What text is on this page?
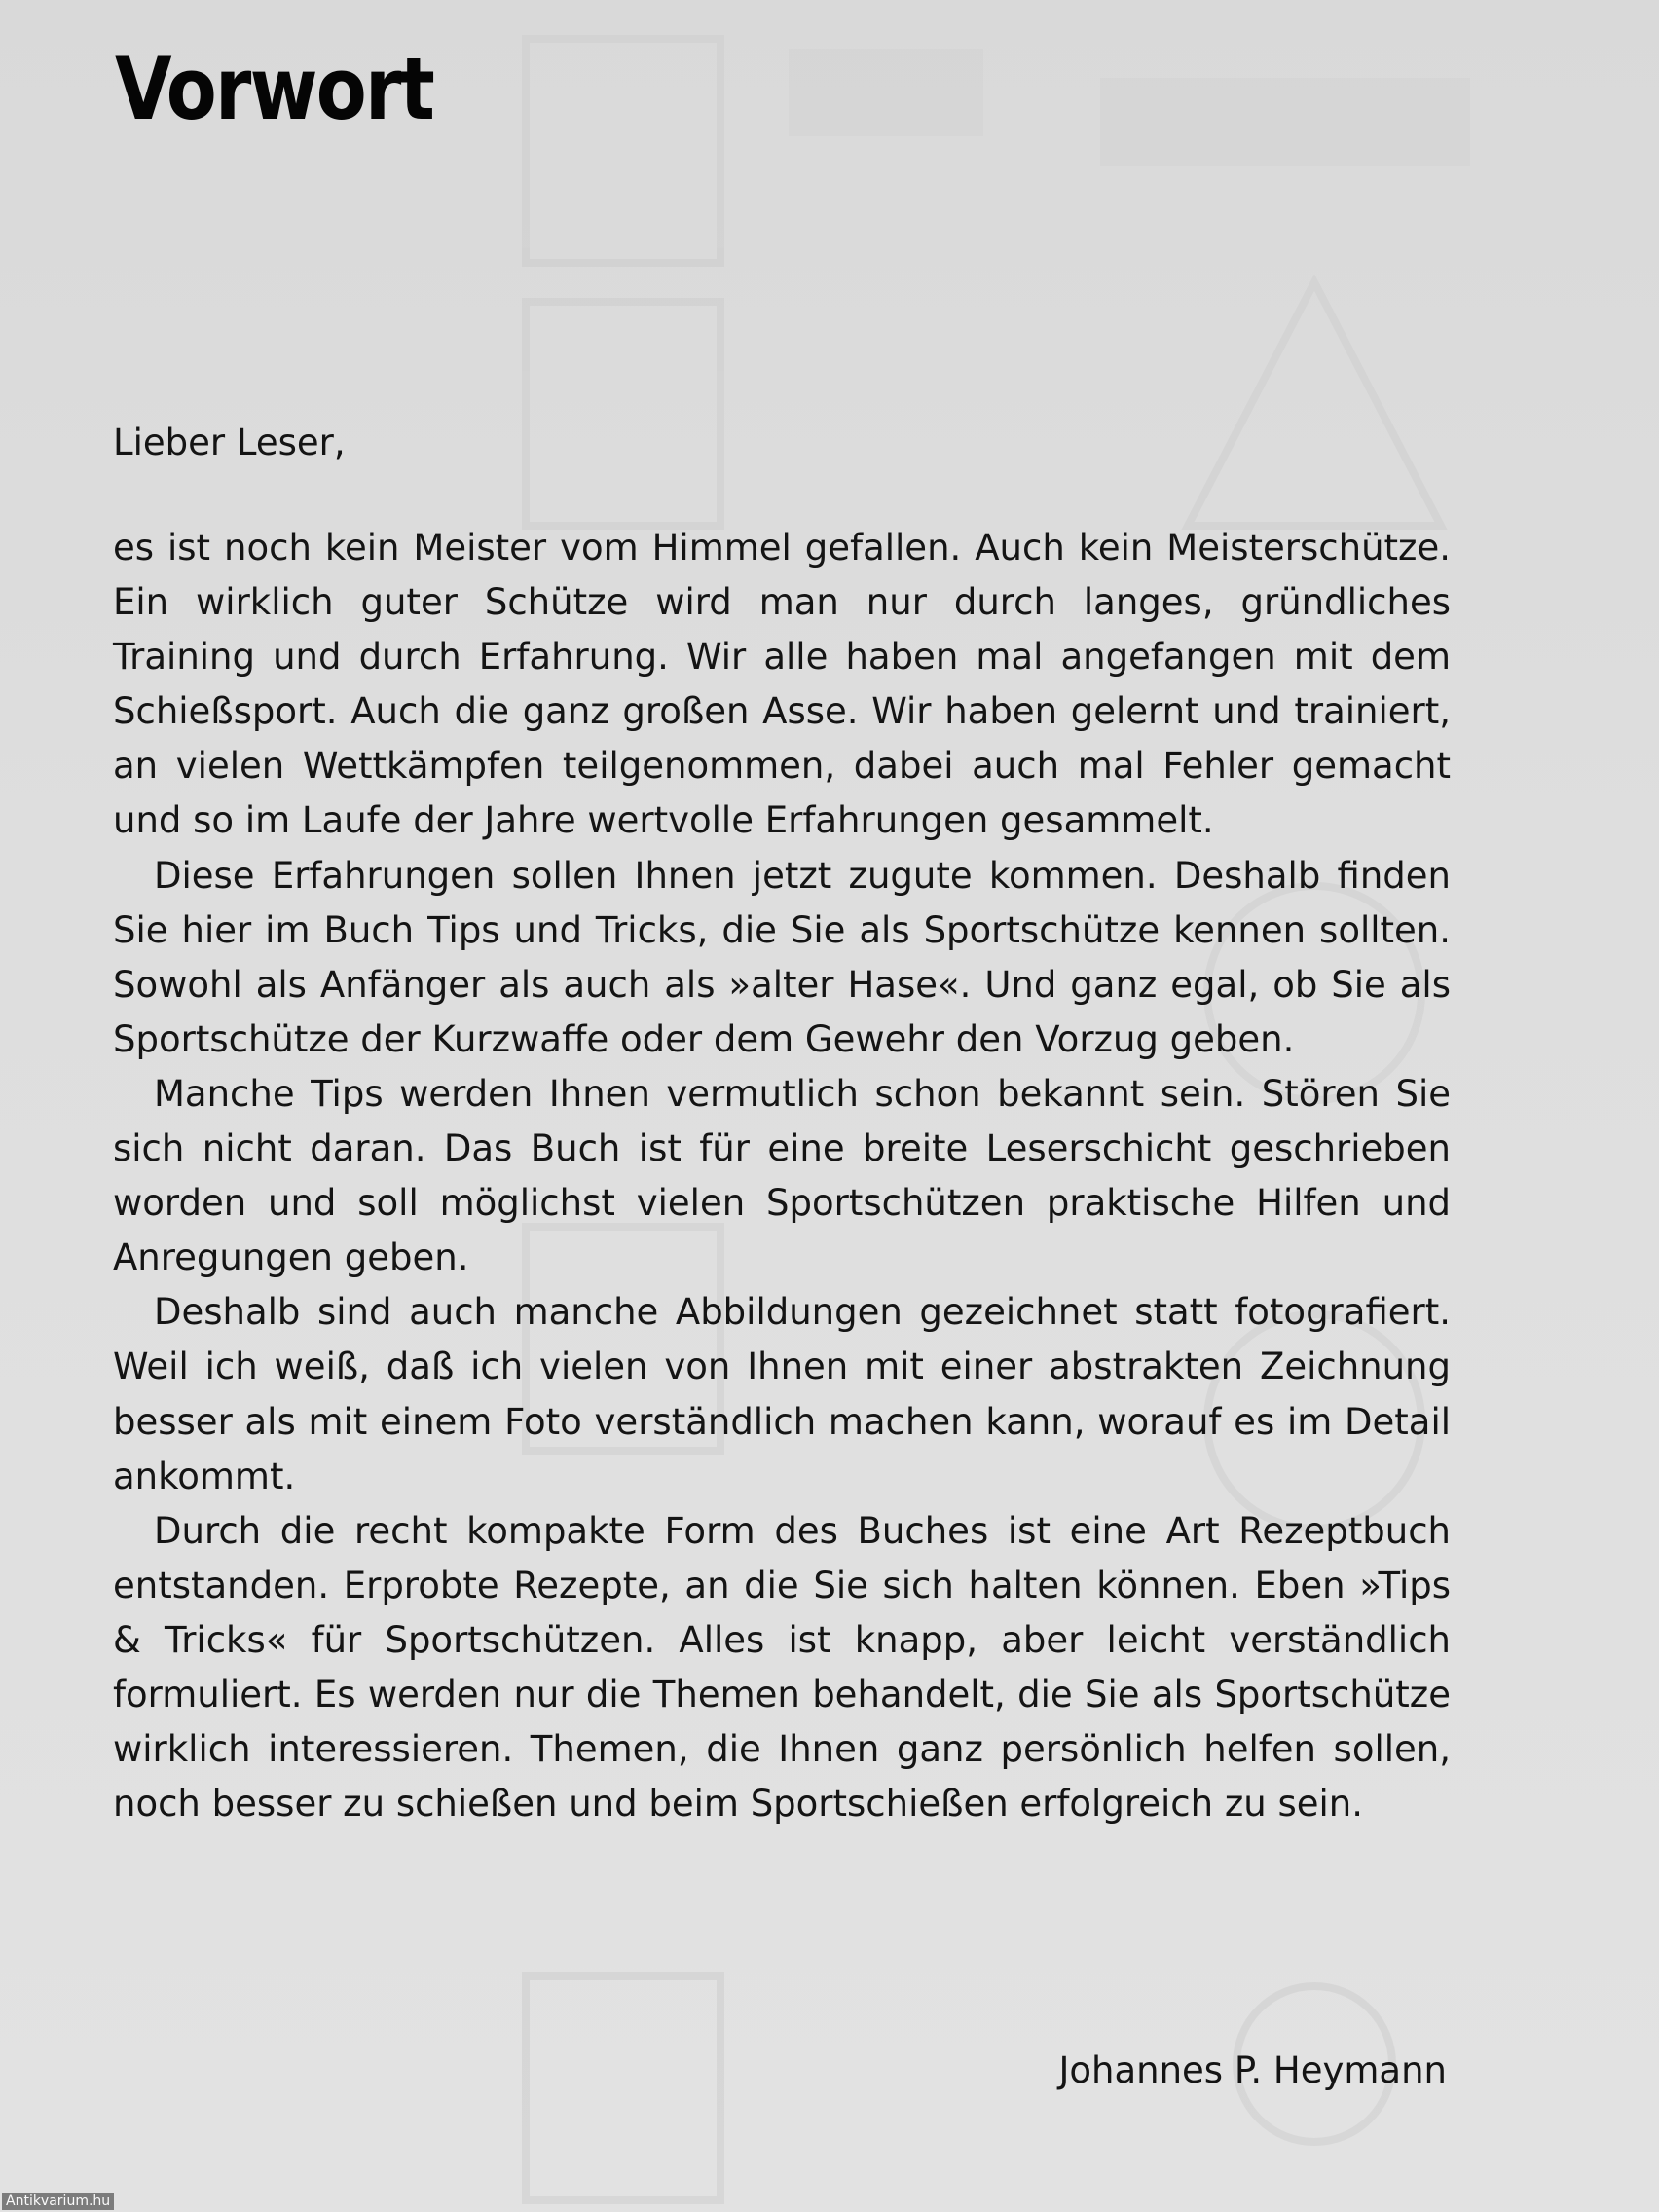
Vorwort

Lieber Leser,

es ist noch kein Meister vom Himmel gefallen. Auch kein Meisterschütze. Ein wirklich guter Schütze wird man nur durch langes, gründliches Training und durch Erfahrung. Wir alle haben mal angefangen mit dem Schießsport. Auch die ganz großen Asse. Wir haben gelernt und trainiert, an vielen Wettkämpfen teilgenommen, dabei auch mal Fehler gemacht und so im Laufe der Jahre wertvolle Erfahrungen gesammelt.

Diese Erfahrungen sollen Ihnen jetzt zugute kommen. Deshalb finden Sie hier im Buch Tips und Tricks, die Sie als Sportschütze kennen sollten. Sowohl als Anfänger als auch als »alter Hase«. Und ganz egal, ob Sie als Sportschütze der Kurzwaffe oder dem Gewehr den Vorzug geben.

Manche Tips werden Ihnen vermutlich schon bekannt sein. Stören Sie sich nicht daran. Das Buch ist für eine breite Leserschicht geschrieben worden und soll möglichst vielen Sportschützen praktische Hilfen und Anregungen geben.

Deshalb sind auch manche Abbildungen gezeichnet statt fotografiert. Weil ich weiß, daß ich vielen von Ihnen mit einer abstrakten Zeichnung besser als mit einem Foto verständlich machen kann, worauf es im Detail ankommt.

Durch die recht kompakte Form des Buches ist eine Art Rezeptbuch entstanden. Erprobte Rezepte, an die Sie sich halten können. Eben »Tips & Tricks« für Sportschützen. Alles ist knapp, aber leicht verständlich formuliert. Es werden nur die Themen behandelt, die Sie als Sportschütze wirklich interessieren. Themen, die Ihnen ganz persönlich helfen sollen, noch besser zu schießen und beim Sportschießen erfolgreich zu sein.

Johannes P. Heymann

Antikvarium.hu
